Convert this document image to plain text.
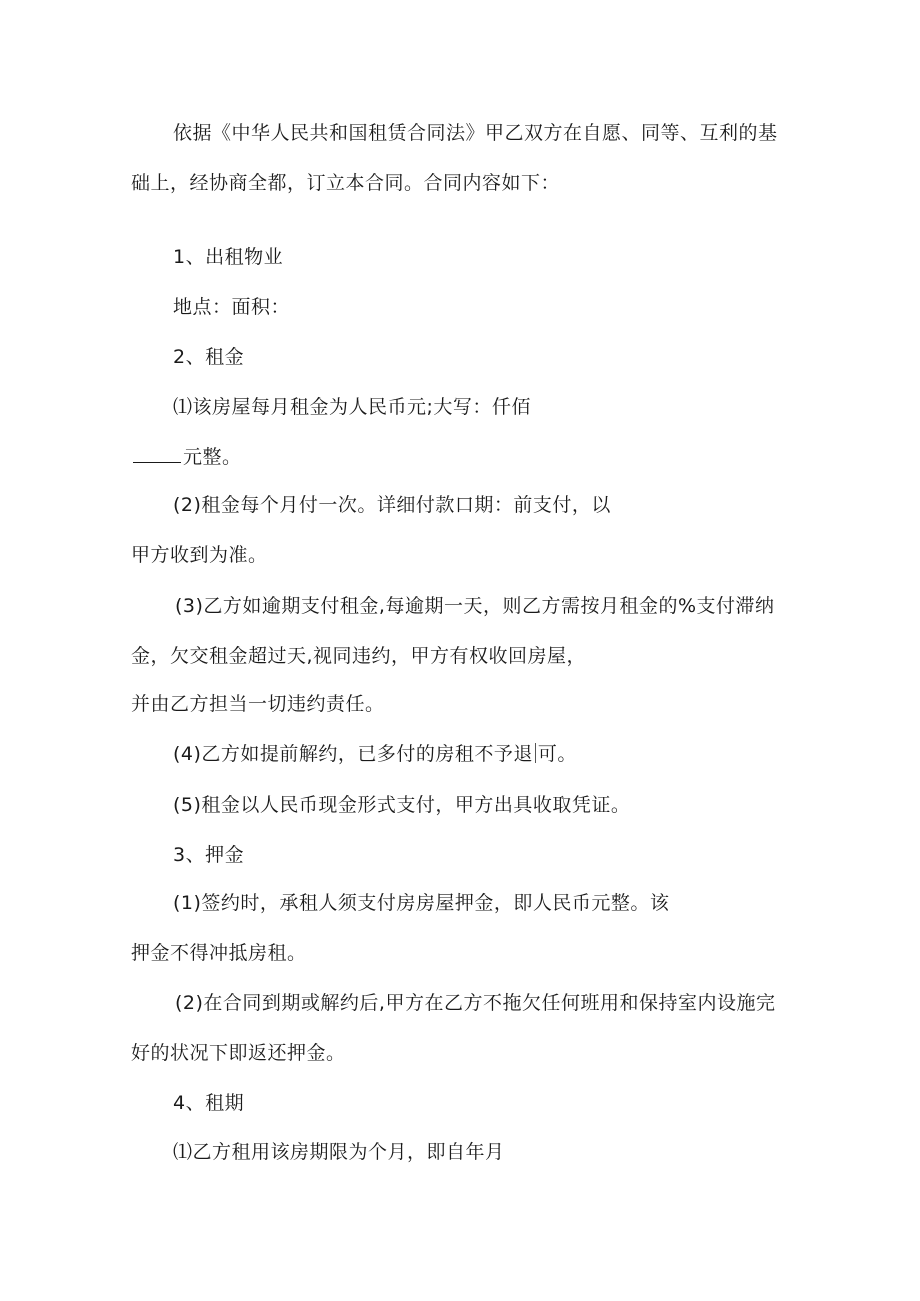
依据《中华人民共和国租赁合同法》甲乙双方在自愿、同等、互利的基
础上，经协商全都，订立本合同。合同内容如下：
1、出租物业
地点：面积：
2、租金
⑴该房屋每月租金为人民币元;大写：仟佰
元整。
(2)租金每个月付一次。详细付款口期：前支付，以
甲方收到为准。
(3)乙方如逾期支付租金,每逾期一天，则乙方需按月租金的%支付滞纳
金，欠交租金超过天,视同违约，甲方有权收回房屋，
并由乙方担当一切违约责任。
(4)乙方如提前解约，已多付的房租不予退 可。
(5)租金以人民币现金形式支付，甲方出具收取凭证。
3、押金
(1)签约时，承租人须支付房房屋押金，即人民币元整。该
押金不得冲抵房租。
(2)在合同到期或解约后,甲方在乙方不拖欠任何班用和保持室内设施完
好的状况下即返还押金。
4、租期
⑴乙方租用该房期限为个月，即自年月
